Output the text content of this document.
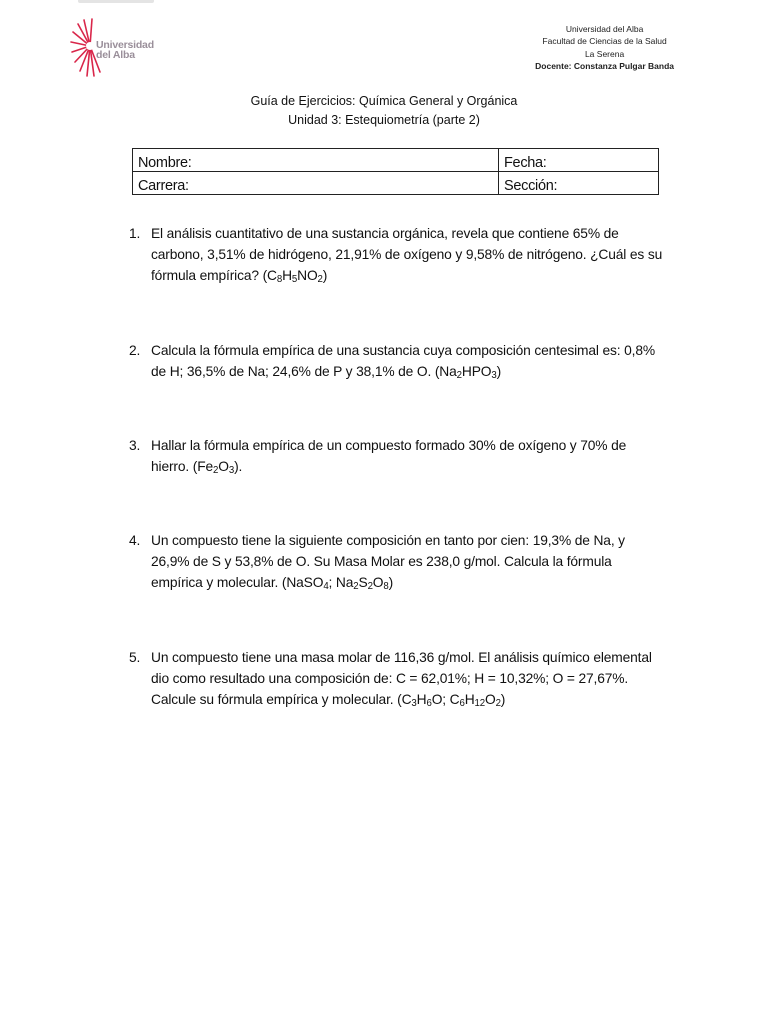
Universidad
del Alba
Universidad del Alba
Facultad de Ciencias de la Salud
La Serena
Docente: Constanza Pulgar Banda
Guía de Ejercicios: Química General y Orgánica
Unidad 3: Estequiometría (parte 2)
Nombre:	Fecha:
Carrera:	Sección:
1. El análisis cuantitativo de una sustancia orgánica, revela que contiene 65% de carbono, 3,51% de hidrógeno, 21,91% de oxígeno y 9,58% de nitrógeno. ¿Cuál es su fórmula empírica? $(C_8H_5NO_2)$
2. Calcula la fórmula empírica de una sustancia cuya composición centesimal es: 0,8% de H; 36,5% de Na; 24,6% de P y 38,1% de O. $(Na_2HPO_3)$
3. Hallar la fórmula empírica de un compuesto formado 30% de oxígeno y 70% de hierro. $(Fe_2O_3)$.
4. Un compuesto tiene la siguiente composición en tanto por cien: 19,3% de Na, y 26,9% de S y 53,8% de O. Su Masa Molar es 238,0 g/mol. Calcula la fórmula empírica y molecular. (NaSO$_4$; $Na_2S_2O_8$)
5. Un compuesto tiene una masa molar de 116,36 g/mol. El análisis químico elemental dio como resultado una composición de: C = 62,01%; H = 10,32%; O = 27,67%. Calcule su fórmula empírica y molecular. ($C_3H_6O$; $C_6H_{12}O_2$)
